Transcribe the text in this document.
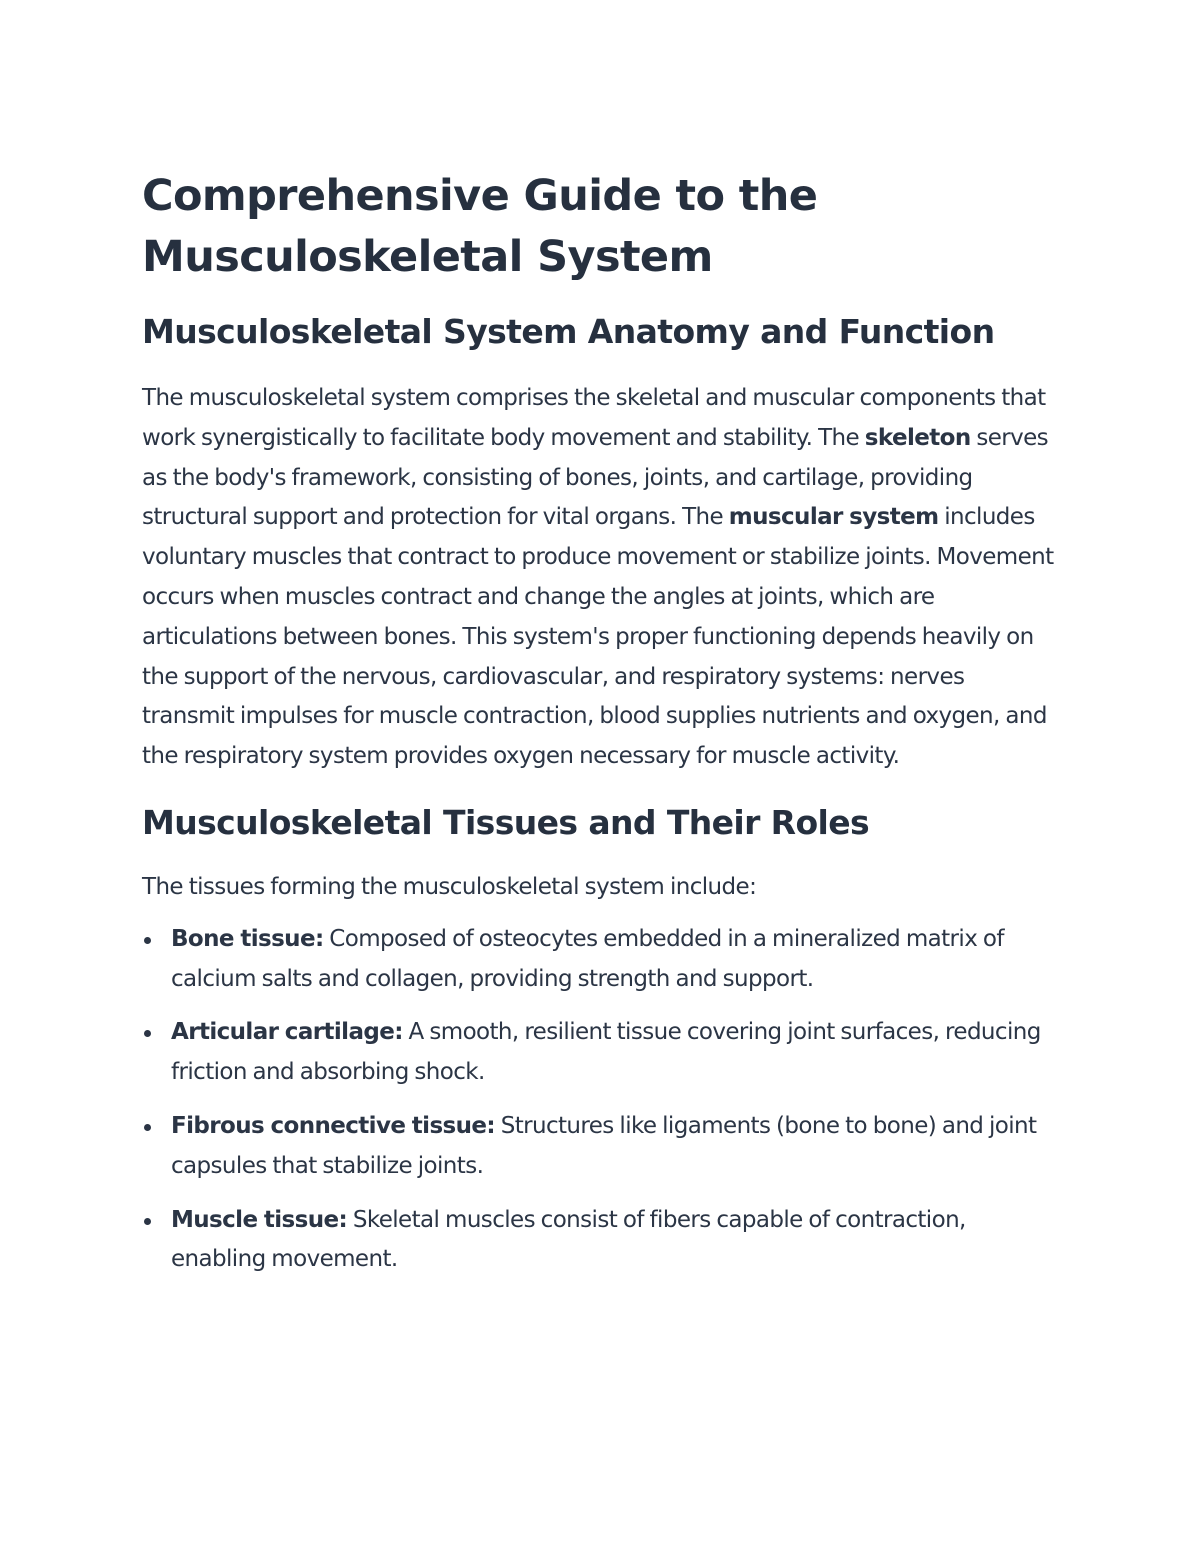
Comprehensive Guide to the Musculoskeletal System
Musculoskeletal System Anatomy and Function

The musculoskeletal system comprises the skeletal and muscular components that work synergistically to facilitate body movement and stability. The skeleton serves as the body's framework, consisting of bones, joints, and cartilage, providing structural support and protection for vital organs. The muscular system includes voluntary muscles that contract to produce movement or stabilize joints. Movement occurs when muscles contract and change the angles at joints, which are articulations between bones. This system's proper functioning depends heavily on the support of the nervous, cardiovascular, and respiratory systems: nerves transmit impulses for muscle contraction, blood supplies nutrients and oxygen, and the respiratory system provides oxygen necessary for muscle activity.

Musculoskeletal Tissues and Their Roles

The tissues forming the musculoskeletal system include:

Bone tissue: Composed of osteocytes embedded in a mineralized matrix of calcium salts and collagen, providing strength and support.
Articular cartilage: A smooth, resilient tissue covering joint surfaces, reducing friction and absorbing shock.
Fibrous connective tissue: Structures like ligaments (bone to bone) and joint capsules that stabilize joints.
Muscle tissue: Skeletal muscles consist of fibers capable of contraction, enabling movement.
